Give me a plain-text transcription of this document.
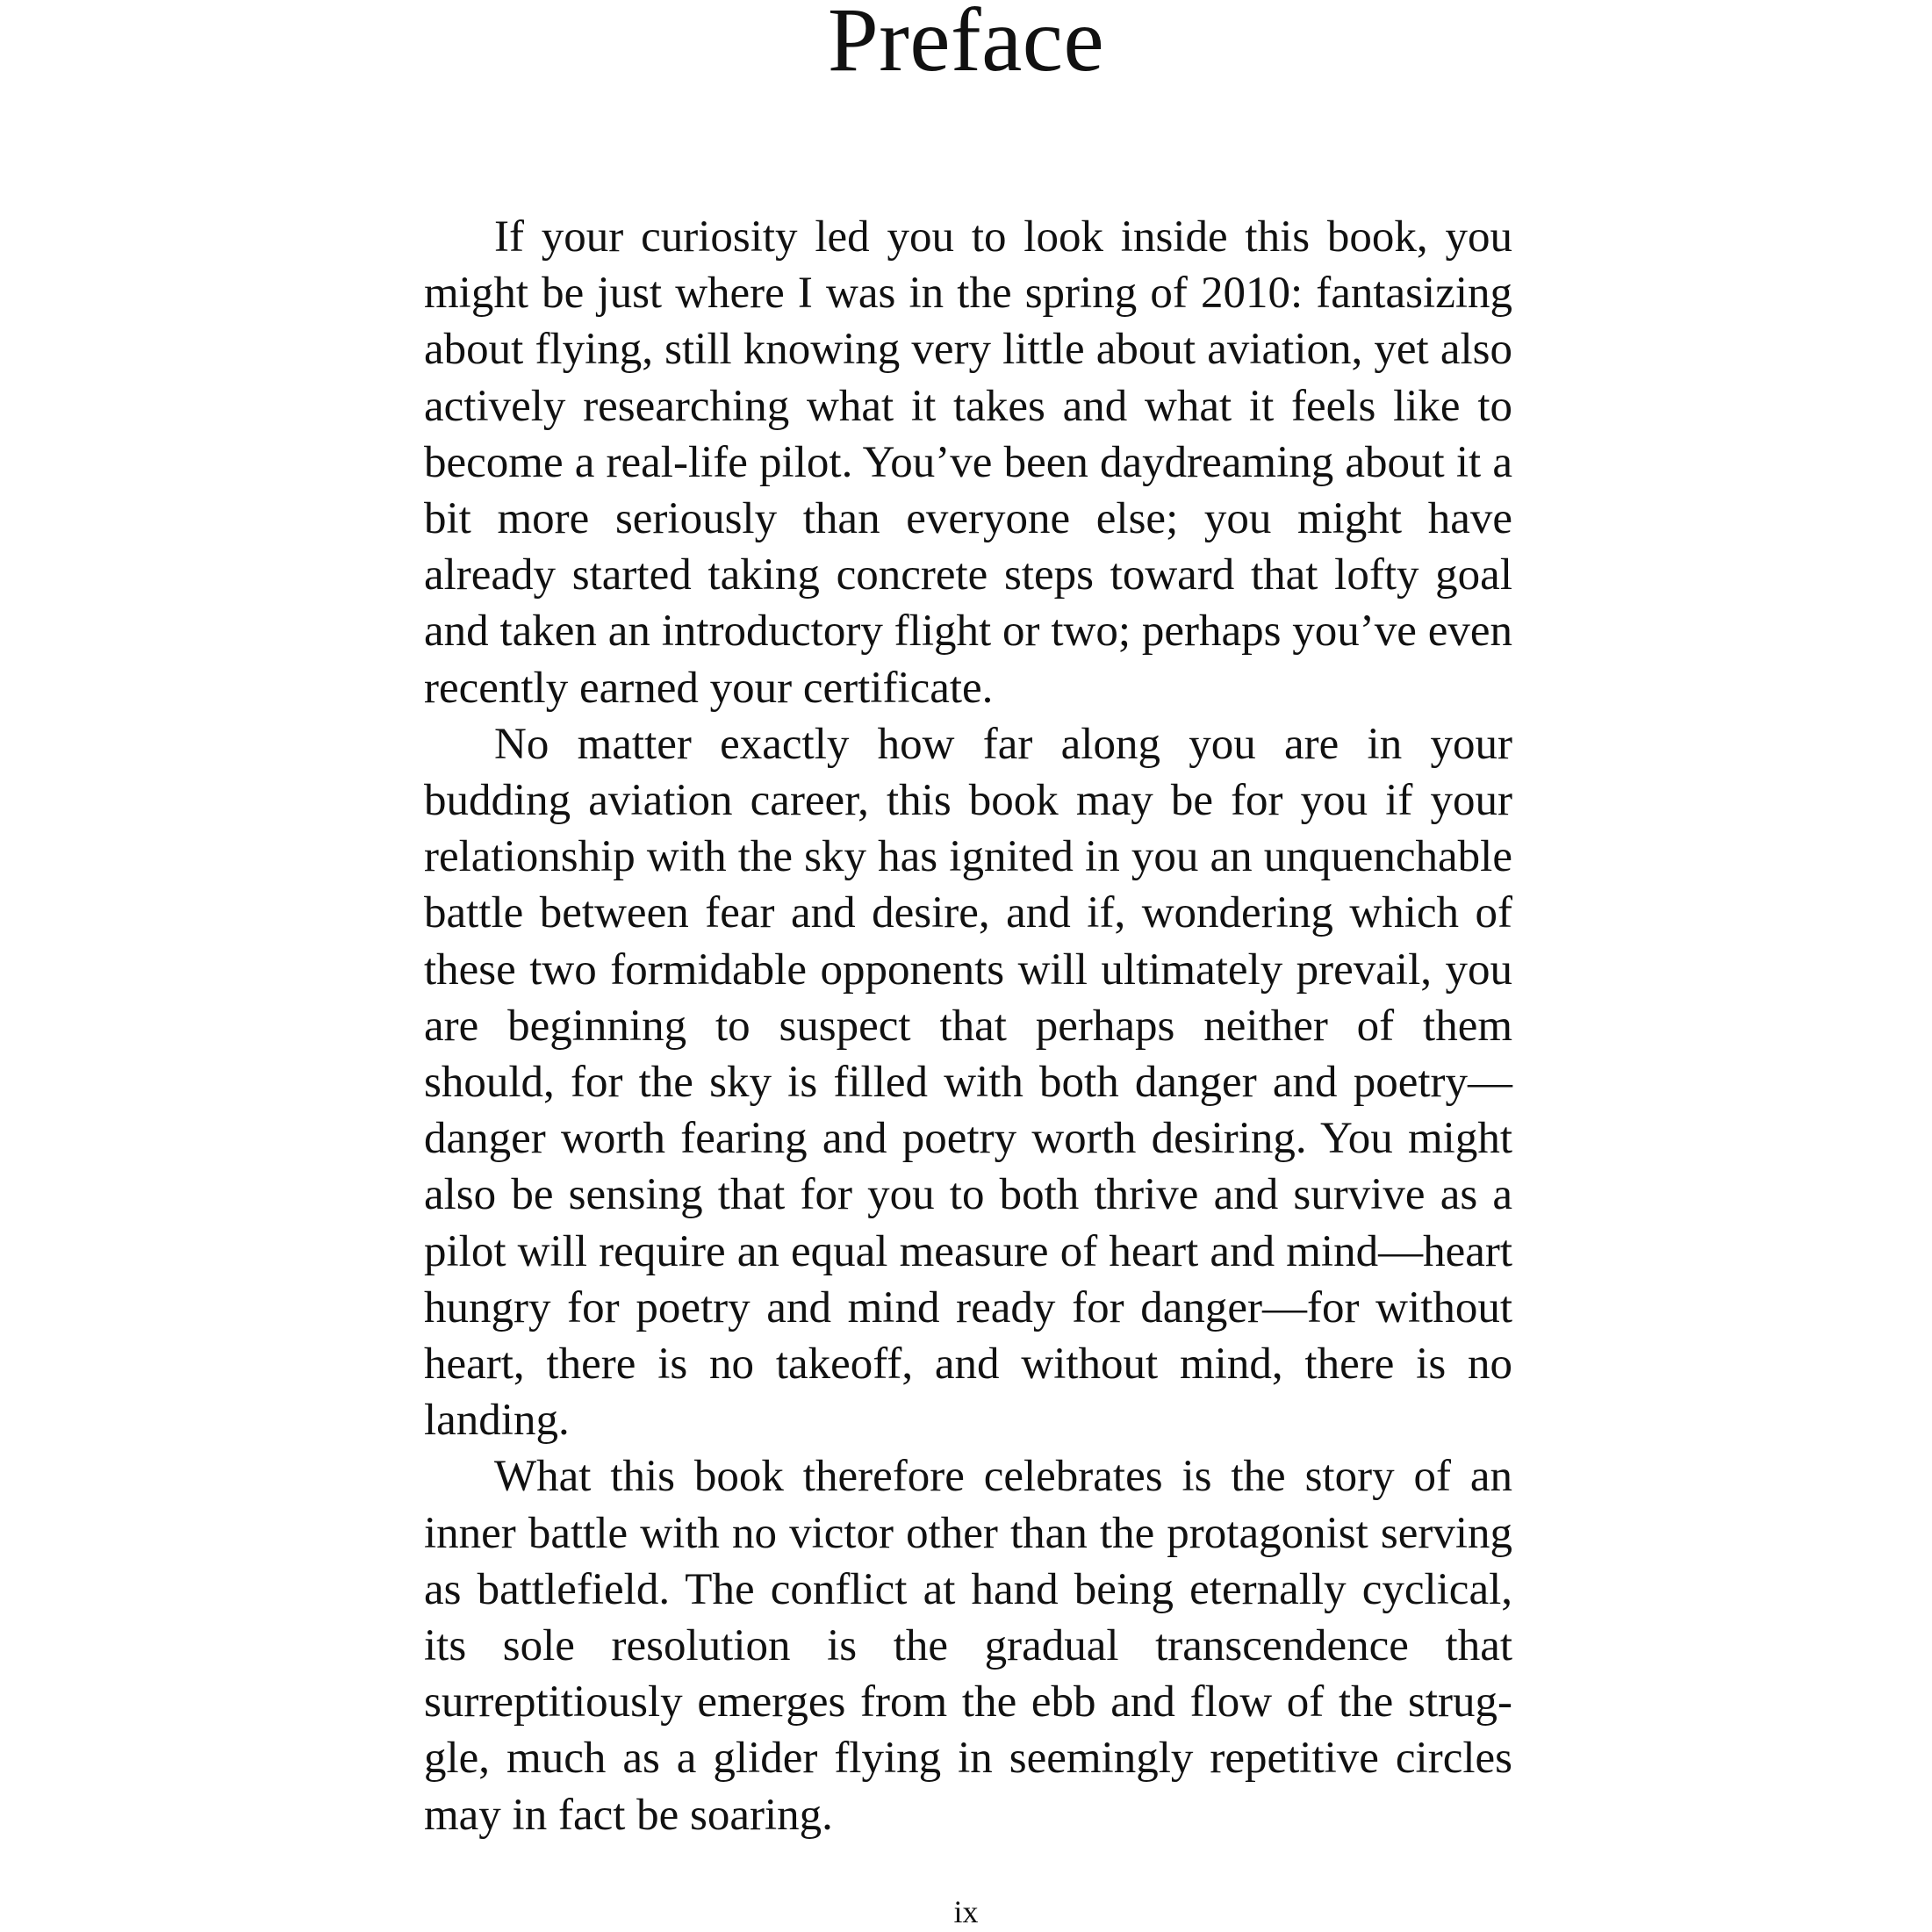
Preface

If your curiosity led you to look inside this book, you might be just where I was in the spring of 2010: fantasizing about flying, still knowing very little about aviation, yet also actively researching what it takes and what it feels like to become a real-life pilot. You’ve been daydreaming about it a bit more seriously than everyone else; you might have already started taking concrete steps toward that lofty goal and taken an introductory flight or two; perhaps you’ve even recently earned your certificate.

No matter exactly how far along you are in your budding aviation career, this book may be for you if your relationship with the sky has ignited in you an unquenchable battle between fear and desire, and if, wondering which of these two formidable opponents will ultimately prevail, you are beginning to suspect that perhaps neither of them should, for the sky is filled with both danger and poetry—danger worth fearing and poetry worth desiring. You might also be sensing that for you to both thrive and survive as a pilot will require an equal measure of heart and mind—heart hungry for poetry and mind ready for danger—for without heart, there is no takeoff, and without mind, there is no landing.

What this book therefore celebrates is the story of an inner battle with no victor other than the protagonist serving as battlefield. The conflict at hand being eternally cyclical, its sole resolution is the gradual transcendence that surreptitiously emerges from the ebb and flow of the struggle, much as a glider flying in seemingly repetitive circles may in fact be soaring.

ix
